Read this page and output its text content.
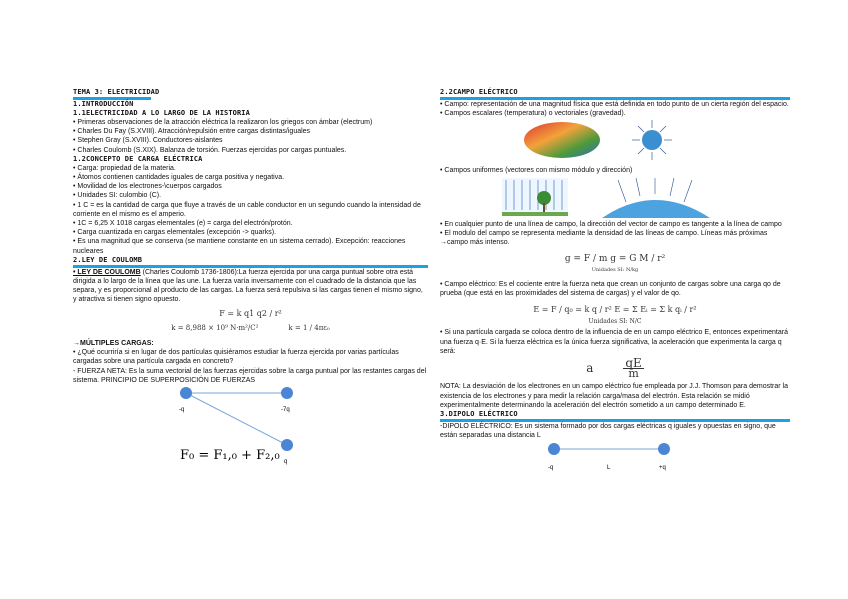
TEMA 3: ELECTRICIDAD
1.INTRODUCCIÓN
1.1ELECTRICIDAD A LO LARGO DE LA HISTORIA

• Primeras observaciones de la atracción eléctrica la realizaron los griegos con ámbar (electrum)

• Charles Du Fay (S.XVIII). Atracción/repulsión entre cargas distintas/iguales

• Stephen Gray (S.XVIII). Conductores-aislantes

• Charles Coulomb (S.XIX). Balanza de torsión. Fuerzas ejercidas por cargas puntuales.

1.2CONCEPTO DE CARGA ELÉCTRICA

• Carga: propiedad de la materia.

• Átomos contienen cantidades iguales de carga positiva y negativa.

• Movilidad de los electrones-\cuerpos cargados

• Unidades SI: culombio (C).

• 1 C = es la cantidad de carga que fluye a través de un cable conductor en un segundo cuando la intensidad de corriente en el mismo es el amperio.

• 1C = 6,25 X 1018 cargas elementales (e) = carga del electrón/protón.

• Carga cuantizada en cargas elementales (excepción -> quarks).

• Es una magnitud que se conserva (se mantiene constante en un sistema cerrado). Excepción: reacciones nucleares

2.LEY DE COULOMB

• LEY DE COULOMB (Charles Coulomb 1736-1806):La fuerza ejercida por una carga puntual sobre otra está dirigida a lo largo de la línea que las une. La fuerza varía inversamente con el cuadrado de la distancia que las separa, y es proporcional al producto de las cargas. La fuerza será repulsiva si las cargas tienen el mismo signo, y atractiva si tienen signo opuesto.

F = k q1 q2 / r²
k = 8,988 × 10⁹ N·m²/C²	k = 1 / 4πε₀
→MÚLTIPLES CARGAS:

• ¿Qué ocurriría si en lugar de dos partículas quisiéramos estudiar la fuerza ejercida por varias partículas cargadas sobre una partícula cargada en concreto?

- FUERZA NETA: Es la suma vectorial de las fuerzas ejercidas sobre la carga puntual por las restantes cargas del sistema. PRINCIPIO DE SUPERPOSICIÓN DE FUERZAS

-q	-7q
q
F₀ = F₁,₀ + F₂,₀
2.2CAMPO ELÉCTRICO

• Campo: representación de una magnitud física que está definida en todo punto de un cierta región del espacio.

• Campos escalares (temperatura) o vectoriales (gravedad).

• Campos uniformes (vectores con mismo módulo y dirección)

• En cualquier punto de una línea de campo, la dirección del vector de campo es tangente a la línea de campo

• El modulo del campo se representa mediante la densidad de las líneas de campo. Líneas más próximas →campo más intenso.

g = F / m g = G M / r²
Unidades SI: N/kg

• Campo eléctrico: Es el cociente entre la fuerza neta que crean un conjunto de cargas sobre una carga qo de prueba (que está en las proximidades del sistema de cargas) y el valor de qo.

E = F / q₀ = k q / r² E = Σ Eᵢ = Σ k qᵢ / r²
Unidades SI: N/C

• Si una partícula cargada se coloca dentro de la influencia de en un campo eléctrico E, entonces experimentará una fuerza q·E. Si la fuerza eléctrica es la única fuerza significativa, la aceleración que experimenta la carga q será:

a	$\frac{qE}{m}$

NOTA: La desviación de los electrones en un campo eléctrico fue empleada por J.J. Thomson para demostrar la existencia de los electrones y para medir la relación carga/masa del electrón. Esta relación se midió experimentalmente determinando la aceleración del electrón sometido a un campo determinado E.

3.DIPOLO ELÉCTRICO

-DIPOLO ELÉCTRICO: Es un sistema formado por dos cargas eléctricas q iguales y opuestas en signo, que están separadas una distancia L

-q	L	+q
